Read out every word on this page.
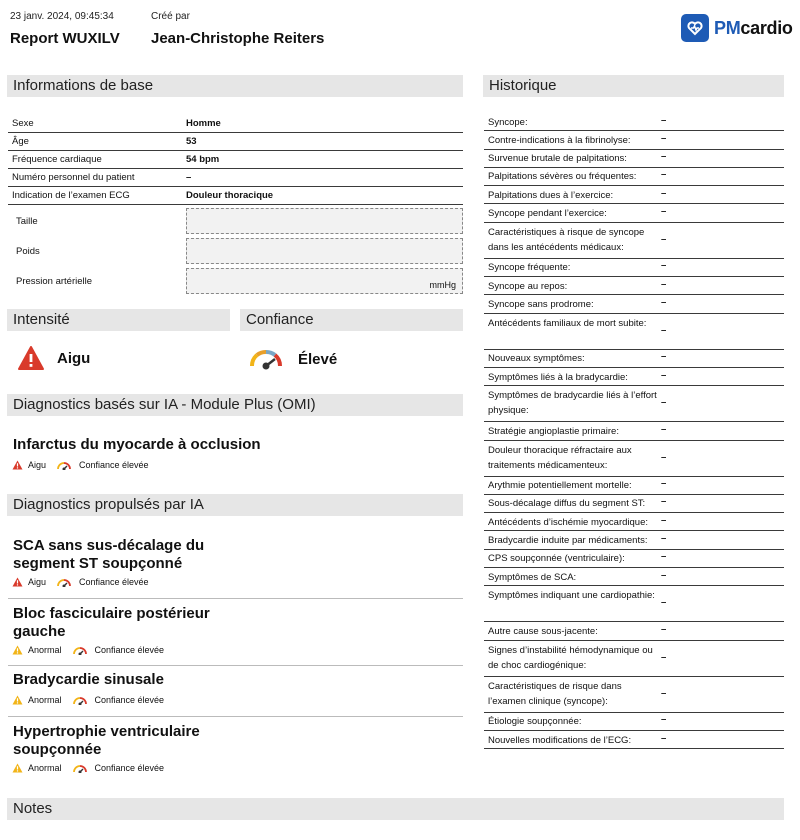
23 janv. 2024, 09:45:34
Report WUXILV
Créé par
Jean-Christophe Reiters
PMcardio
Informations de base
Sexe	Homme
Âge	53
Fréquence cardiaque	54 bpm
Numéro personnel du patient	–
Indication de l’examen ECG	Douleur thoracique
Taille
Poids
Pression artérielle	mmHg
Intensité	Confiance
Aigu	Élevé
Diagnostics basés sur IA - Module Plus (OMI)
Infarctus du myocarde à occlusion
Aigu	Confiance élevée
Diagnostics propulsés par IA
SCA sans sus-décalage du
segment ST soupçonné
Aigu	Confiance élevée
Bloc fasciculaire postérieur
gauche
Anormal	Confiance élevée
Bradycardie sinusale
Anormal	Confiance élevée
Hypertrophie ventriculaire
soupçonnée
Anormal	Confiance élevée
Notes
Historique
Syncope:	–
Contre-indications à la fibrinolyse:	–
Survenue brutale de palpitations:	–
Palpitations sévères ou fréquentes:	–
Palpitations dues à l’exercice:	–
Syncope pendant l’exercice:	–
Caractéristiques à risque de syncope dans les antécédents médicaux:
–
Syncope fréquente:	–
Syncope au repos:	–
Syncope sans prodrome:	–
Antécédents familiaux de mort subite:
–
Nouveaux symptômes:	–
Symptômes liés à la bradycardie:	–
Symptômes de bradycardie liés à l’effort physique:
–
Stratégie angioplastie primaire:	–
Douleur thoracique réfractaire aux traitements médicamenteux:
–
Arythmie potentiellement mortelle:	–
Sous-décalage diffus du segment ST:	–
Antécédents d’ischémie myocardique:	–
Bradycardie induite par médicaments:	–
CPS soupçonnée (ventriculaire):	–
Symptômes de SCA:	–
Symptômes indiquant une cardiopathie:
–
Autre cause sous-jacente:	–
Signes d’instabilité hémodynamique ou de choc cardiogénique:
–
Caractéristiques de risque dans l’examen clinique (syncope):
–
Étiologie soupçonnée:	–
Nouvelles modifications de l’ECG:	–
